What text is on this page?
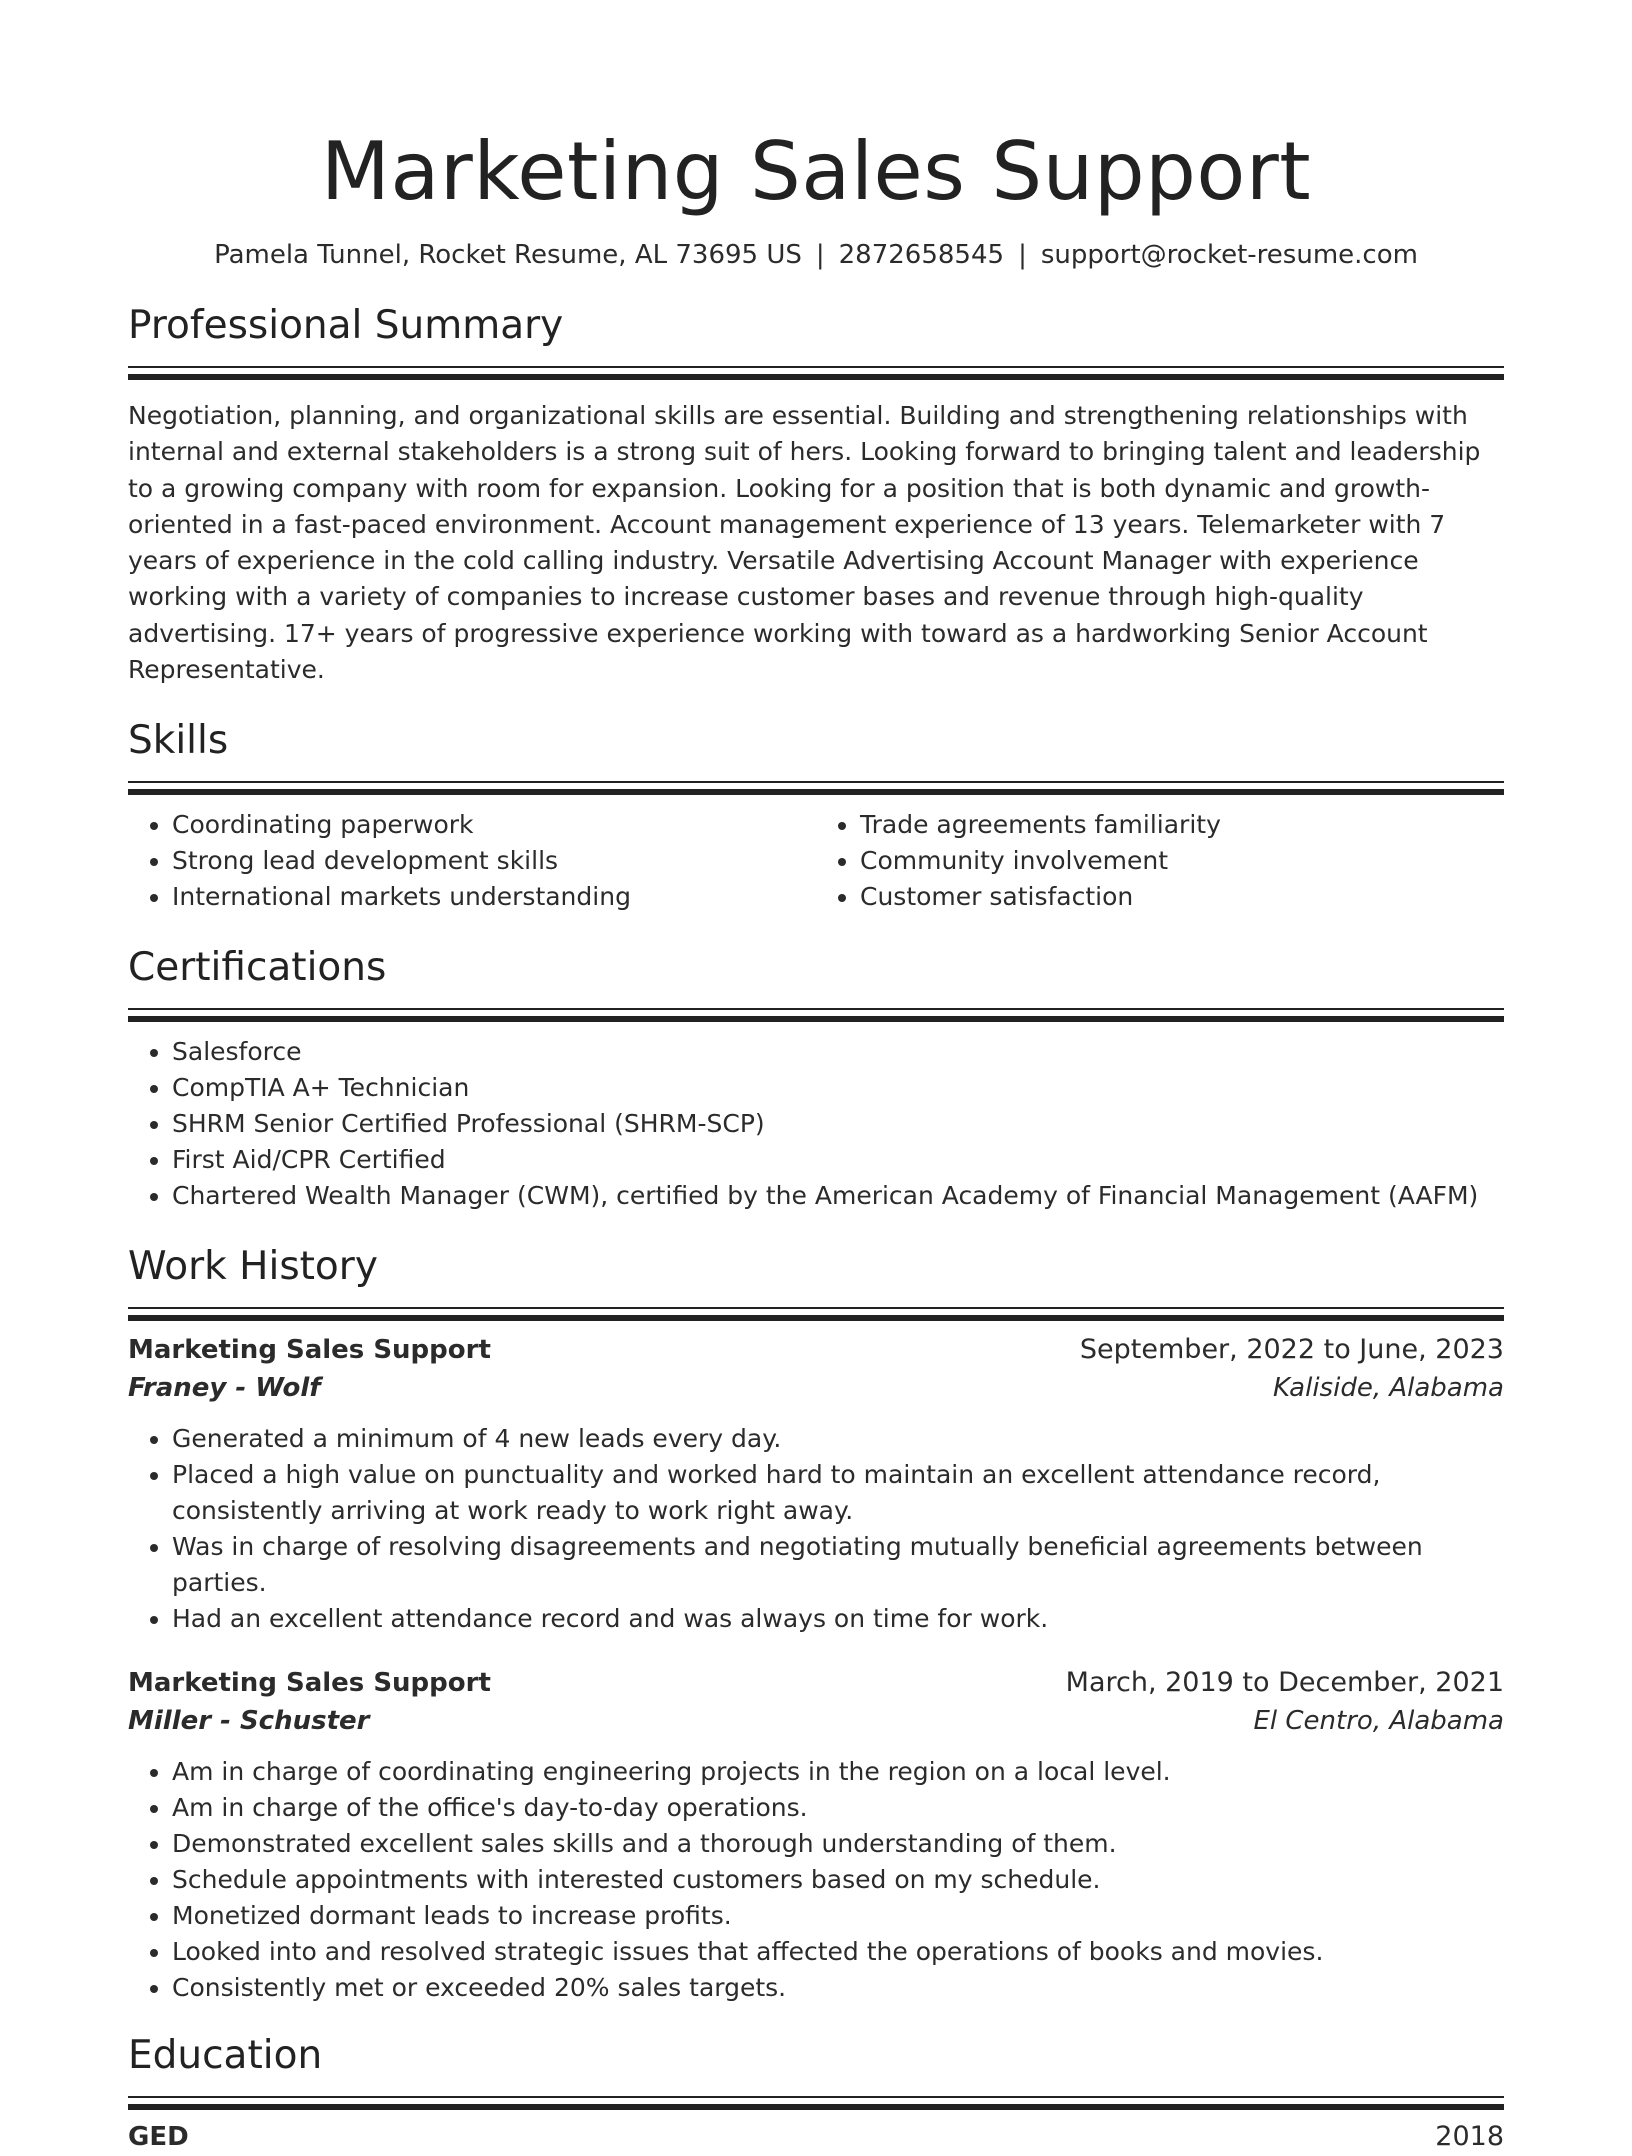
Marketing Sales Support
Pamela Tunnel, Rocket Resume, AL 73695 US | 2872658545 | support@rocket-resume.com
Professional Summary

Negotiation, planning, and organizational skills are essential. Building and strengthening relationships with internal and external stakeholders is a strong suit of hers. Looking forward to bringing talent and leadership to a growing company with room for expansion. Looking for a position that is both dynamic and growth-oriented in a fast-paced environment. Account management experience of 13 years. Telemarketer with 7 years of experience in the cold calling industry. Versatile Advertising Account Manager with experience working with a variety of companies to increase customer bases and revenue through high-quality advertising. 17+ years of progressive experience working with toward as a hardworking Senior Account Representative.

Skills
• Coordinating paperwork
• Strong lead development skills
• International markets understanding
• Trade agreements familiarity
• Community involvement
• Customer satisfaction
Certifications
• Salesforce
• CompTIA A+ Technician
• SHRM Senior Certified Professional (SHRM-SCP)
• First Aid/CPR Certified
• Chartered Wealth Manager (CWM), certified by the American Academy of Financial Management (AAFM)
Work History
Marketing Sales Support	September, 2022 to June, 2023
Franey - Wolf	Kaliside, Alabama
• Generated a minimum of 4 new leads every day.
• Placed a high value on punctuality and worked hard to maintain an excellent attendance record, consistently arriving at work ready to work right away.
• Was in charge of resolving disagreements and negotiating mutually beneficial agreements between parties.
• Had an excellent attendance record and was always on time for work.
Marketing Sales Support	March, 2019 to December, 2021
Miller - Schuster	El Centro, Alabama
• Am in charge of coordinating engineering projects in the region on a local level.
• Am in charge of the office's day-to-day operations.
• Demonstrated excellent sales skills and a thorough understanding of them.
• Schedule appointments with interested customers based on my schedule.
• Monetized dormant leads to increase profits.
• Looked into and resolved strategic issues that affected the operations of books and movies.
• Consistently met or exceeded 20% sales targets.
Education
GED	2018
